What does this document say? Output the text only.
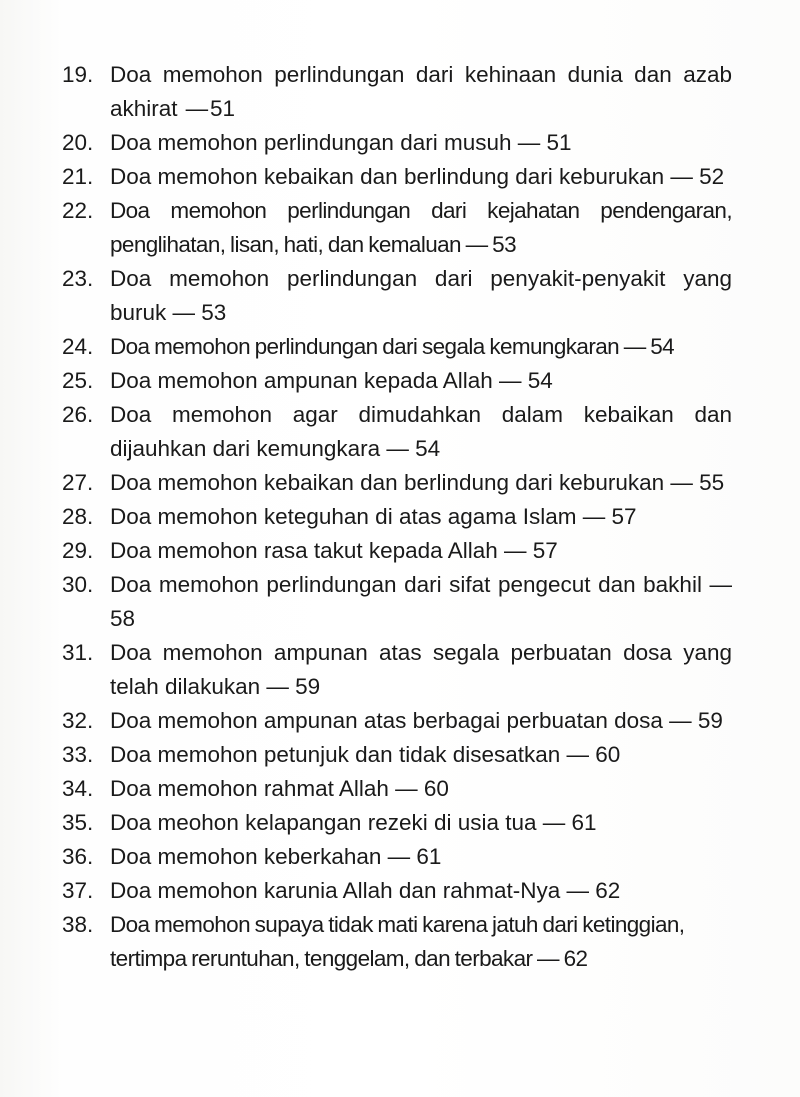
19. Doa memohon perlindungan dari kehinaan dunia dan azab akhirat  — 51
20. Doa memohon perlindungan dari musuh — 51
21. Doa memohon kebaikan dan berlindung dari keburukan — 52
22. Doa memohon perlindungan dari kejahatan pendengaran, penglihatan, lisan, hati, dan kemaluan — 53
23. Doa memohon perlindungan dari penyakit-penyakit yang buruk — 53
24. Doa memohon perlindungan dari segala kemungkaran — 54
25. Doa memohon ampunan kepada Allah — 54
26. Doa memohon agar dimudahkan dalam kebaikan dan dijauhkan dari kemungkara — 54
27. Doa memohon kebaikan dan berlindung dari keburukan — 55
28. Doa memohon keteguhan di atas agama Islam — 57
29. Doa memohon rasa takut kepada Allah — 57
30. Doa memohon perlindungan dari sifat pengecut dan bakhil — 58
31. Doa memohon ampunan atas segala perbuatan dosa yang telah dilakukan — 59
32. Doa memohon ampunan atas berbagai perbuatan dosa — 59
33. Doa memohon petunjuk dan tidak disesatkan — 60
34. Doa memohon rahmat Allah — 60
35. Doa meohon kelapangan rezeki di usia tua — 61
36. Doa memohon keberkahan — 61
37. Doa memohon karunia Allah dan rahmat-Nya — 62
38. Doa memohon supaya tidak mati karena jatuh dari ketinggian, tertimpa reruntuhan, tenggelam, dan terbakar — 62
